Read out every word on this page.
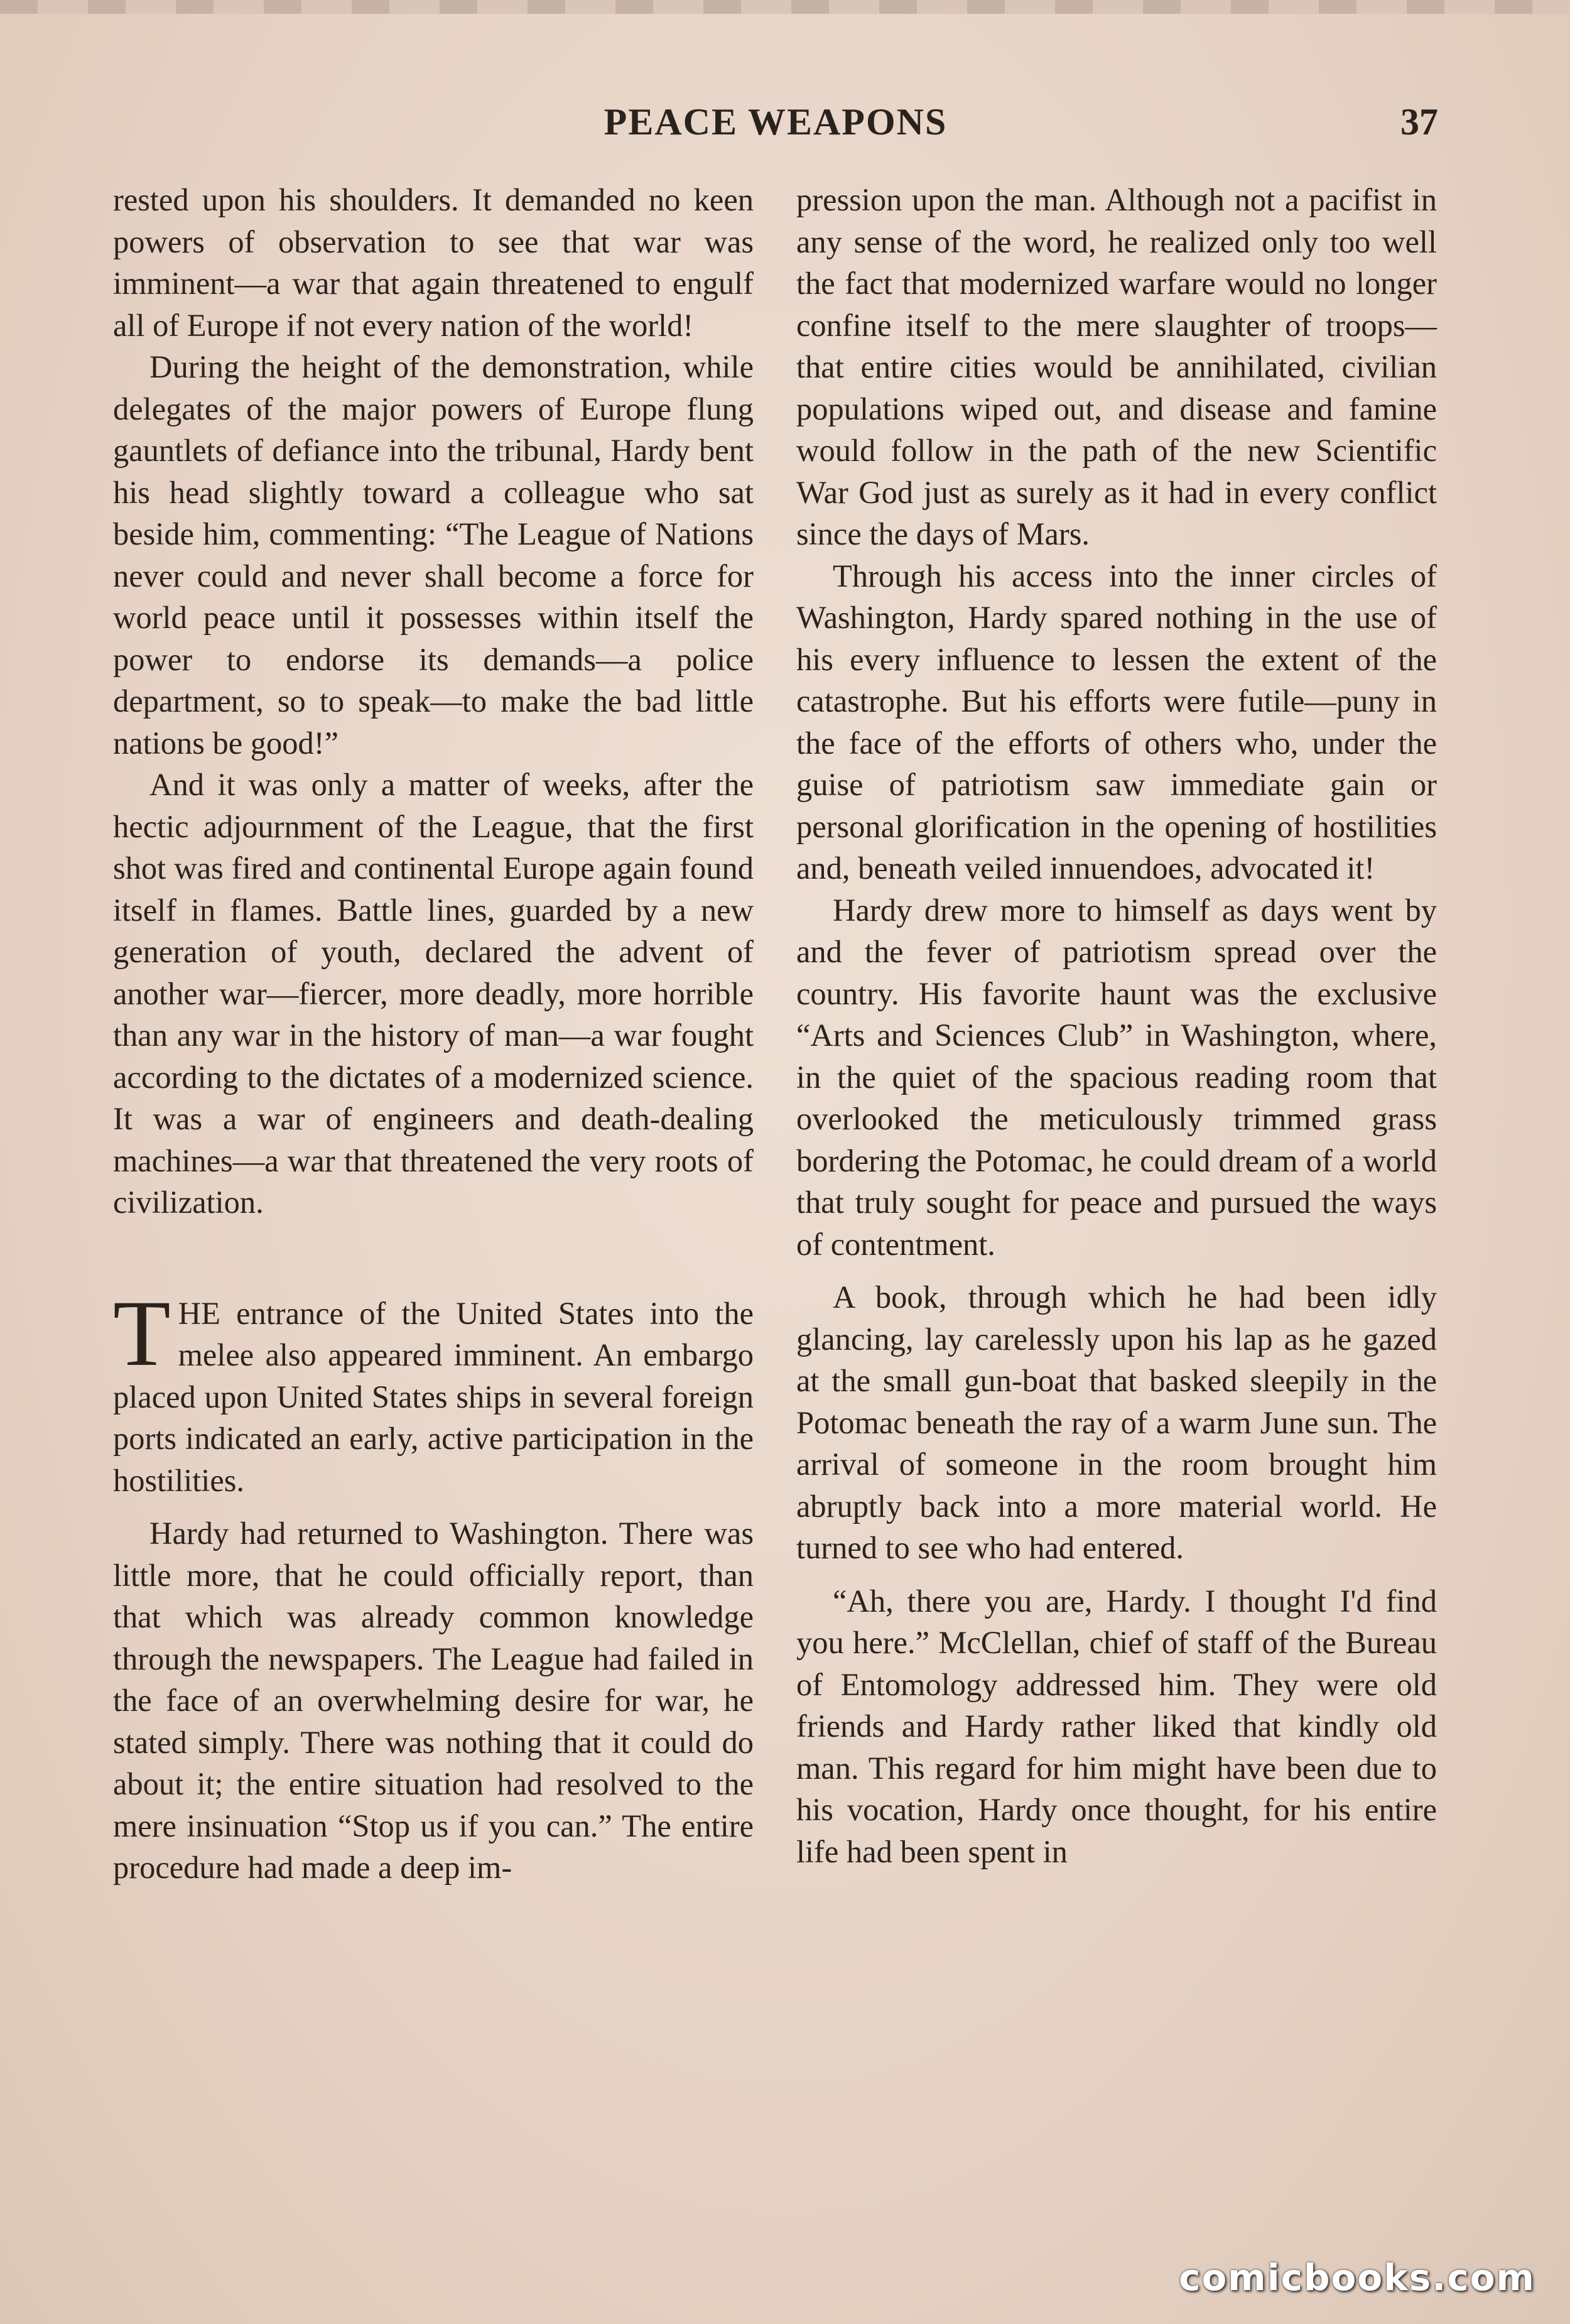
PEACE WEAPONS	37

rested upon his shoulders. It demanded no keen powers of observation to see that war was imminent—a war that again threatened to engulf all of Europe if not every nation of the world!

During the height of the demonstration, while delegates of the major powers of Europe flung gauntlets of defiance into the tribunal, Hardy bent his head slightly toward a colleague who sat beside him, commenting: “The League of Nations never could and never shall become a force for world peace until it possesses within itself the power to endorse its demands—a police department, so to speak—to make the bad little nations be good!”

And it was only a matter of weeks, after the hectic adjournment of the League, that the first shot was fired and continental Europe again found itself in flames. Battle lines, guarded by a new generation of youth, declared the advent of another war—fiercer, more deadly, more horrible than any war in the history of man—a war fought according to the dictates of a modernized science. It was a war of engineers and death-dealing machines—a war that threatened the very roots of civilization.

THE entrance of the United States into the melee also appeared imminent. An embargo placed upon United States ships in several foreign ports indicated an early, active participation in the hostilities.

Hardy had returned to Washington. There was little more, that he could officially report, than that which was already common knowledge through the newspapers. The League had failed in the face of an overwhelming desire for war, he stated simply. There was nothing that it could do about it; the entire situation had resolved to the mere insinuation “Stop us if you can.” The entire procedure had made a deep im-

pression upon the man. Although not a pacifist in any sense of the word, he realized only too well the fact that modernized warfare would no longer confine itself to the mere slaughter of troops—that entire cities would be annihilated, civilian populations wiped out, and disease and famine would follow in the path of the new Scientific War God just as surely as it had in every conflict since the days of Mars.

Through his access into the inner circles of Washington, Hardy spared nothing in the use of his every influence to lessen the extent of the catastrophe. But his efforts were futile—puny in the face of the efforts of others who, under the guise of patriotism saw immediate gain or personal glorification in the opening of hostilities and, beneath veiled innuendoes, advocated it!

Hardy drew more to himself as days went by and the fever of patriotism spread over the country. His favorite haunt was the exclusive “Arts and Sciences Club” in Washington, where, in the quiet of the spacious reading room that overlooked the meticulously trimmed grass bordering the Potomac, he could dream of a world that truly sought for peace and pursued the ways of contentment.

A book, through which he had been idly glancing, lay carelessly upon his lap as he gazed at the small gun-boat that basked sleepily in the Potomac beneath the ray of a warm June sun. The arrival of someone in the room brought him abruptly back into a more material world. He turned to see who had entered.

“Ah, there you are, Hardy. I thought I'd find you here.” McClellan, chief of staff of the Bureau of Entomology addressed him. They were old friends and Hardy rather liked that kindly old man. This regard for him might have been due to his vocation, Hardy once thought, for his entire life had been spent in

comicbooks.com
